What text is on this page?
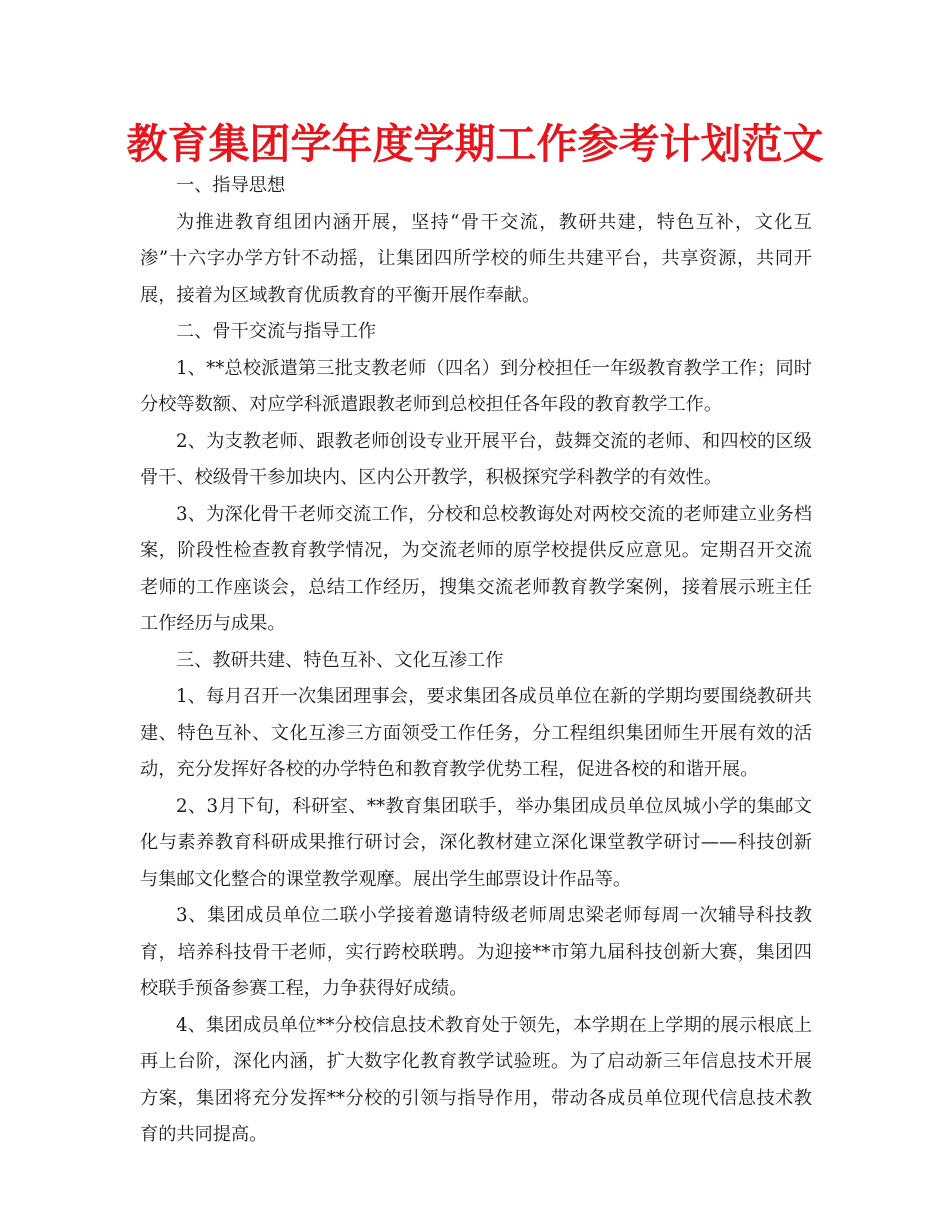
教育集团学年度学期工作参考计划范文

一、指导思想

为推进教育组团内涵开展，坚持“骨干交流，教研共建，特色互补，文化互渗”十六字办学方针不动摇，让集团四所学校的师生共建平台，共享资源，共同开展，接着为区域教育优质教育的平衡开展作奉献。

二、骨干交流与指导工作

1、**总校派遣第三批支教老师（四名）到分校担任一年级教育教学工作；同时分校等数额、对应学科派遣跟教老师到总校担任各年段的教育教学工作。

2、为支教老师、跟教老师创设专业开展平台，鼓舞交流的老师、和四校的区级骨干、校级骨干参加块内、区内公开教学，积极探究学科教学的有效性。

3、为深化骨干老师交流工作，分校和总校教诲处对两校交流的老师建立业务档案，阶段性检查教育教学情况，为交流老师的原学校提供反应意见。定期召开交流老师的工作座谈会，总结工作经历，搜集交流老师教育教学案例，接着展示班主任工作经历与成果。

三、教研共建、特色互补、文化互渗工作

1、每月召开一次集团理事会，要求集团各成员单位在新的学期均要围绕教研共建、特色互补、文化互渗三方面领受工作任务，分工程组织集团师生开展有效的活动，充分发挥好各校的办学特色和教育教学优势工程，促进各校的和谐开展。

2、3月下旬，科研室、**教育集团联手，举办集团成员单位凤城小学的集邮文化与素养教育科研成果推行研讨会，深化教材建立深化课堂教学研讨——科技创新与集邮文化整合的课堂教学观摩。展出学生邮票设计作品等。

3、集团成员单位二联小学接着邀请特级老师周忠梁老师每周一次辅导科技教育，培养科技骨干老师，实行跨校联聘。为迎接**市第九届科技创新大赛，集团四校联手预备参赛工程，力争获得好成绩。

4、集团成员单位**分校信息技术教育处于领先，本学期在上学期的展示根底上再上台阶，深化内涵，扩大数字化教育教学试验班。为了启动新三年信息技术开展方案，集团将充分发挥**分校的引领与指导作用，带动各成员单位现代信息技术教育的共同提高。
